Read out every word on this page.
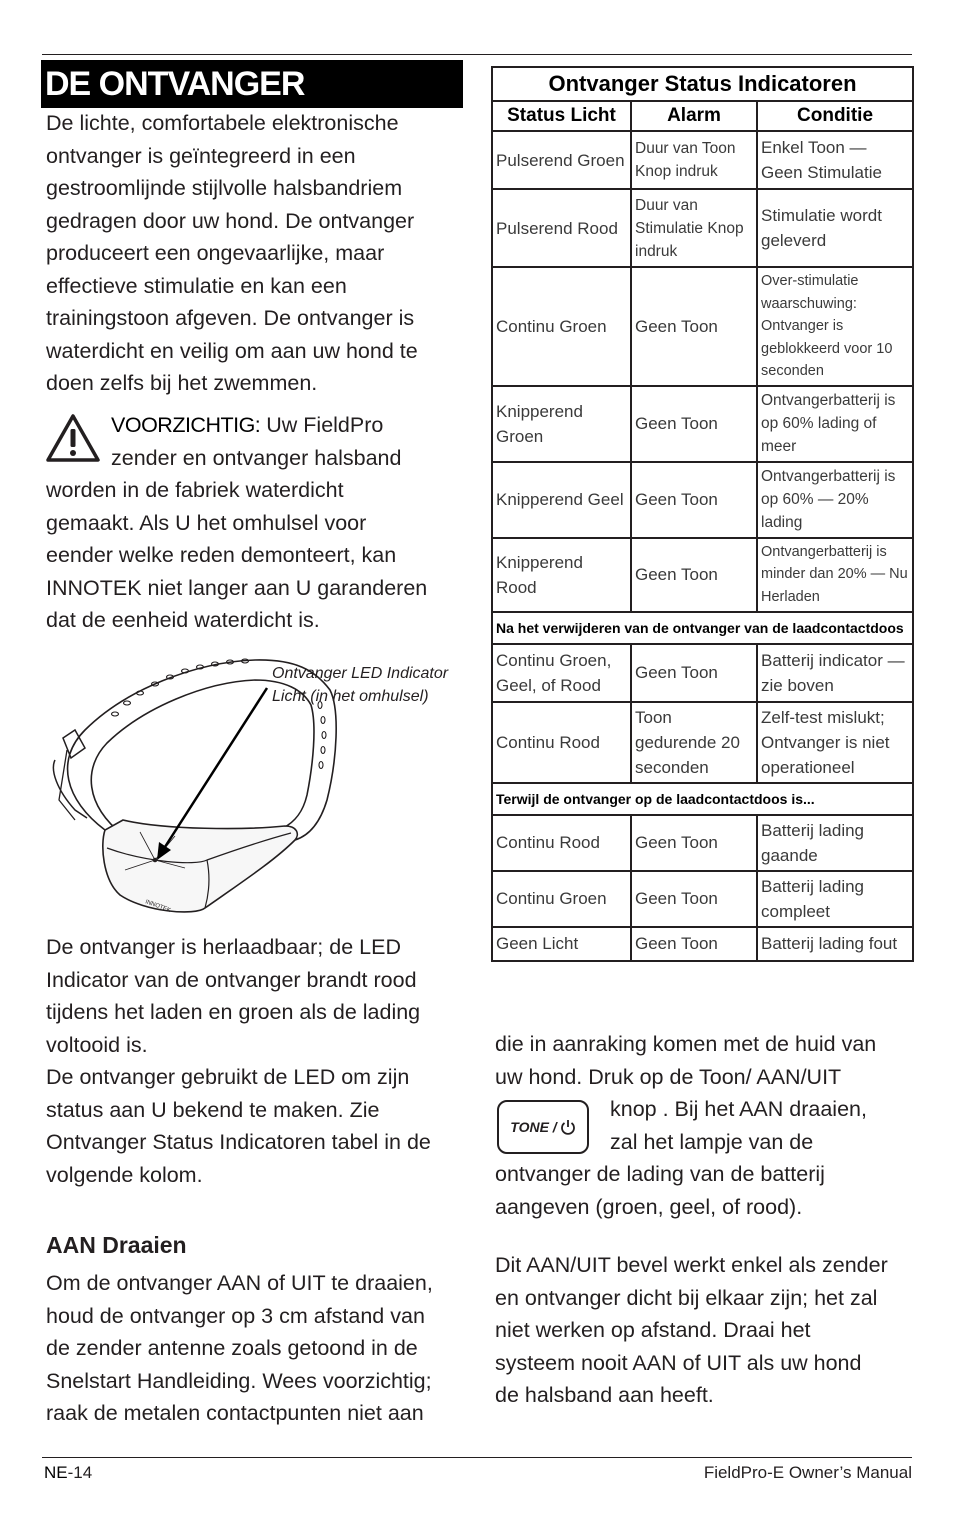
DE ONTVANGER
De lichte, comfortabele elektronische
ontvanger is geïntegreerd in een
gestroomlijnde stijlvolle halsbandriem
gedragen door uw hond. De ontvanger
produceert een ongevaarlijke, maar
effectieve stimulatie en kan een
trainingstoon afgeven. De ontvanger is
waterdicht en veilig om aan uw hond te
doen zelfs bij het zwemmen.
VOORZICHTIG: Uw FieldPro
zender en ontvanger halsband
worden in de fabriek waterdicht
gemaakt. Als U het omhulsel voor
eender welke reden demonteert, kan
INNOTEK niet langer aan U garanderen
dat de eenheid waterdicht is.
INNOTEK
Ontvanger LED Indicator
Licht (in het omhulsel)
De ontvanger is herlaadbaar; de LED
Indicator van de ontvanger brandt rood
tijdens het laden en groen als de lading
voltooid is.
De ontvanger gebruikt de LED om zijn
status aan U bekend te maken. Zie
Ontvanger Status Indicatoren tabel in de
volgende kolom.
AAN Draaien
Om de ontvanger AAN of UIT te draaien,
houd de ontvanger op 3 cm afstand van
de zender antenne zoals getoond in de
Snelstart Handleiding. Wees voorzichtig;
raak de metalen contactpunten niet aan
Ontvanger Status Indicatoren		
Status Licht	Alarm	Conditie
Pulserend Groen	Duur van Toon Knop indruk	Enkel Toon — Geen Stimulatie
Pulserend Rood	Duur van Stimulatie Knop indruk	Stimulatie wordt geleverd
Continu Groen	Geen Toon	Over-stimulatie waarschuwing: Ontvanger is geblokkeerd voor 10 seconden
Knipperend Groen	Geen Toon	Ontvangerbatterij is op 60% lading of meer
Knipperend Geel	Geen Toon	Ontvangerbatterij is op 60% — 20% lading
Knipperend Rood	Geen Toon	Ontvangerbatterij is minder dan 20% — Nu Herladen
Na het verwijderen van de ontvanger van de laadcontactdoos		
Continu Groen, Geel, of Rood	Geen Toon	Batterij indicator — zie boven
Continu Rood	Toon gedurende 20 seconden	Zelf-test mislukt; Ontvanger is niet operationeel
Terwijl de ontvanger op de laadcontactdoos is...		
Continu Rood	Geen Toon	Batterij lading gaande
Continu Groen	Geen Toon	Batterij lading compleet
Geen Licht	Geen Toon	Batterij lading fout
die in aanraking komen met de huid van
uw hond. Druk op de Toon/ AAN/UIT
knop . Bij het AAN draaien,
zal het lampje van de
ontvanger de lading van de batterij
aangeven (groen, geel, of rood).
TONE /
Dit AAN/UIT bevel werkt enkel als zender
en ontvanger dicht bij elkaar zijn; het zal
niet werken op afstand. Draai het
systeem nooit AAN of UIT als uw hond
de halsband aan heeft.
NE-14	FieldPro-E Owner’s Manual
